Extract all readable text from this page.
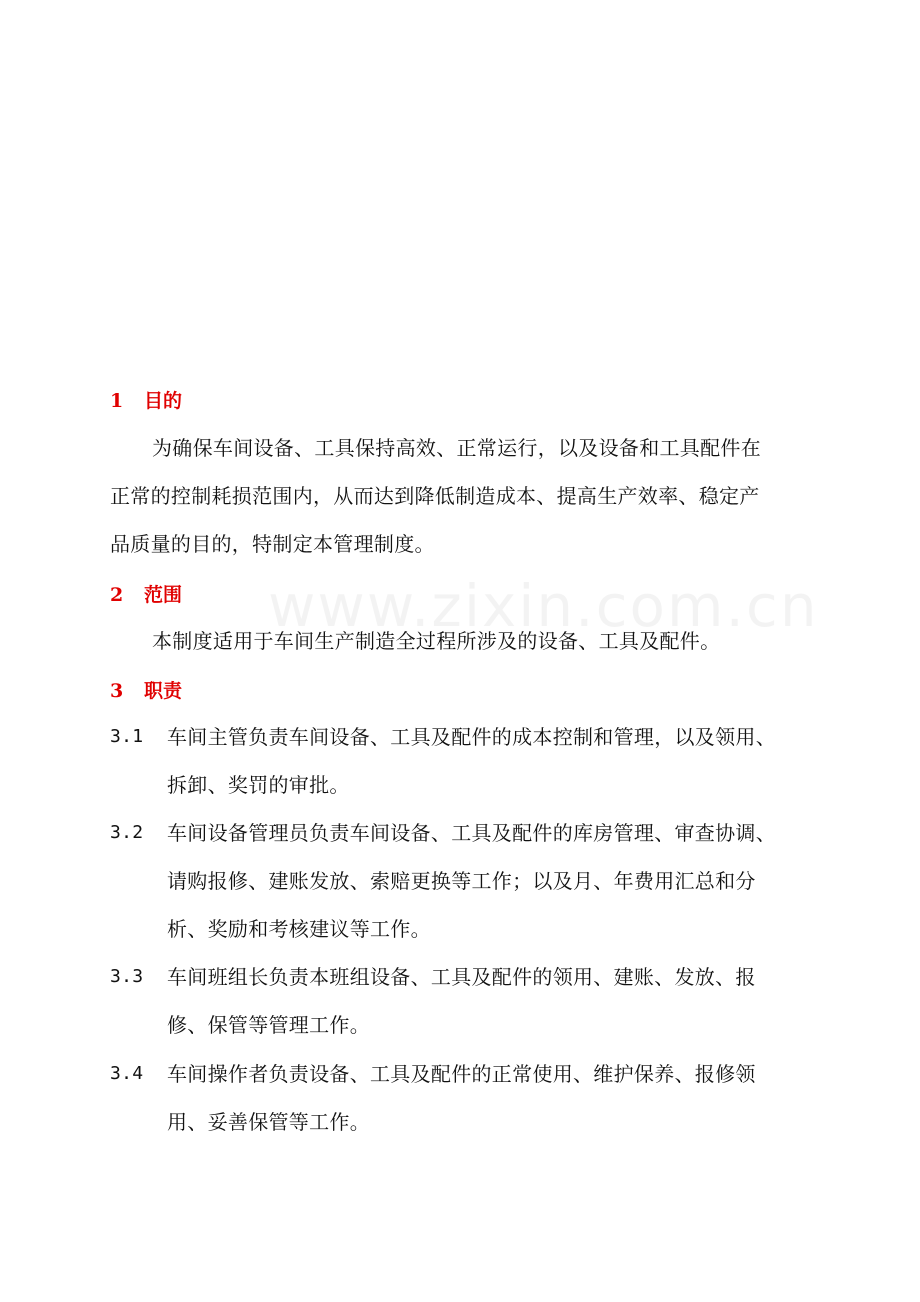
1 目的
为确保车间设备、工具保持高效、正常运行，以及设备和工具配件在
正常的控制耗损范围内，从而达到降低制造成本、提高生产效率、稳定产
品质量的目的，特制定本管理制度。
2 范围
本制度适用于车间生产制造全过程所涉及的设备、工具及配件。
3 职责
3.1	车间主管负责车间设备、工具及配件的成本控制和管理，以及领用、
拆卸、奖罚的审批。
3.2	车间设备管理员负责车间设备、工具及配件的库房管理、审查协调、
请购报修、建账发放、索赔更换等工作；以及月、年费用汇总和分
析、奖励和考核建议等工作。
3.3	车间班组长负责本班组设备、工具及配件的领用、建账、发放、报
修、保管等管理工作。
3.4	车间操作者负责设备、工具及配件的正常使用、维护保养、报修领
用、妥善保管等工作。
